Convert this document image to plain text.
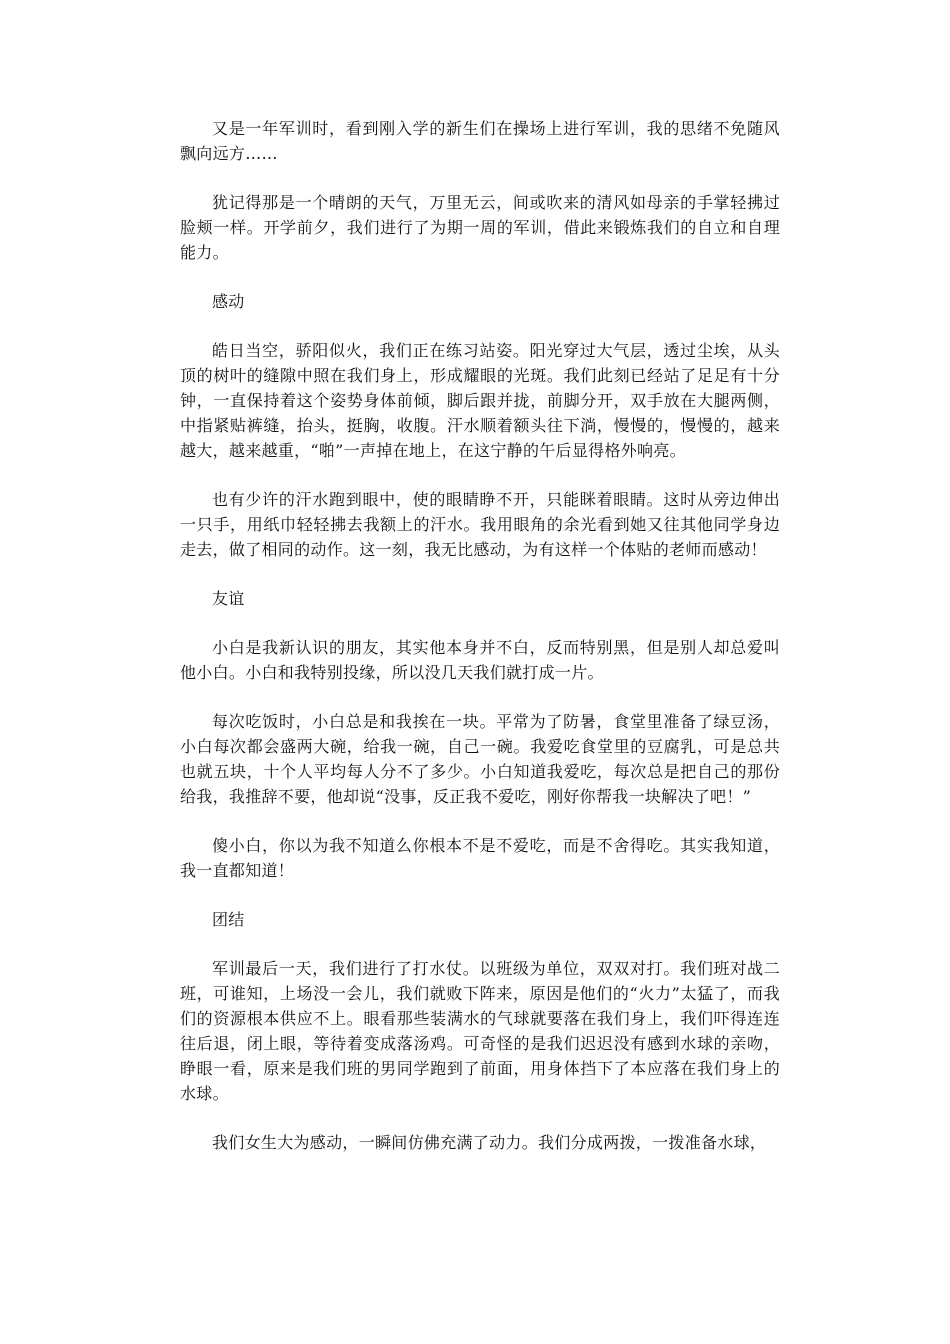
又是一年军训时，看到刚入学的新生们在操场上进行军训，我的思绪不免随风飘向远方……

犹记得那是一个晴朗的天气，万里无云，间或吹来的清风如母亲的手掌轻拂过脸颊一样。开学前夕，我们进行了为期一周的军训，借此来锻炼我们的自立和自理能力。

感动

皓日当空，骄阳似火，我们正在练习站姿。阳光穿过大气层，透过尘埃，从头顶的树叶的缝隙中照在我们身上，形成耀眼的光斑。我们此刻已经站了足足有十分钟，一直保持着这个姿势身体前倾，脚后跟并拢，前脚分开，双手放在大腿两侧，中指紧贴裤缝，抬头，挺胸，收腹。汗水顺着额头往下淌，慢慢的，慢慢的，越来越大，越来越重，“啪”一声掉在地上，在这宁静的午后显得格外响亮。

也有少许的汗水跑到眼中，使的眼睛睁不开，只能眯着眼睛。这时从旁边伸出一只手，用纸巾轻轻拂去我额上的汗水。我用眼角的余光看到她又往其他同学身边走去，做了相同的动作。这一刻，我无比感动，为有这样一个体贴的老师而感动！

友谊

小白是我新认识的朋友，其实他本身并不白，反而特别黑，但是别人却总爱叫他小白。小白和我特别投缘，所以没几天我们就打成一片。

每次吃饭时，小白总是和我挨在一块。平常为了防暑，食堂里准备了绿豆汤，小白每次都会盛两大碗，给我一碗，自己一碗。我爱吃食堂里的豆腐乳，可是总共也就五块，十个人平均每人分不了多少。小白知道我爱吃，每次总是把自己的那份给我，我推辞不要，他却说“没事，反正我不爱吃，刚好你帮我一块解决了吧！”

傻小白，你以为我不知道么你根本不是不爱吃，而是不舍得吃。其实我知道，我一直都知道！

团结

军训最后一天，我们进行了打水仗。以班级为单位，双双对打。我们班对战二班，可谁知，上场没一会儿，我们就败下阵来，原因是他们的“火力”太猛了，而我们的资源根本供应不上。眼看那些装满水的气球就要落在我们身上，我们吓得连连往后退，闭上眼，等待着变成落汤鸡。可奇怪的是我们迟迟没有感到水球的亲吻，睁眼一看，原来是我们班的男同学跑到了前面，用身体挡下了本应落在我们身上的水球。

我们女生大为感动，一瞬间仿佛充满了动力。我们分成两拨，一拨准备水球，
